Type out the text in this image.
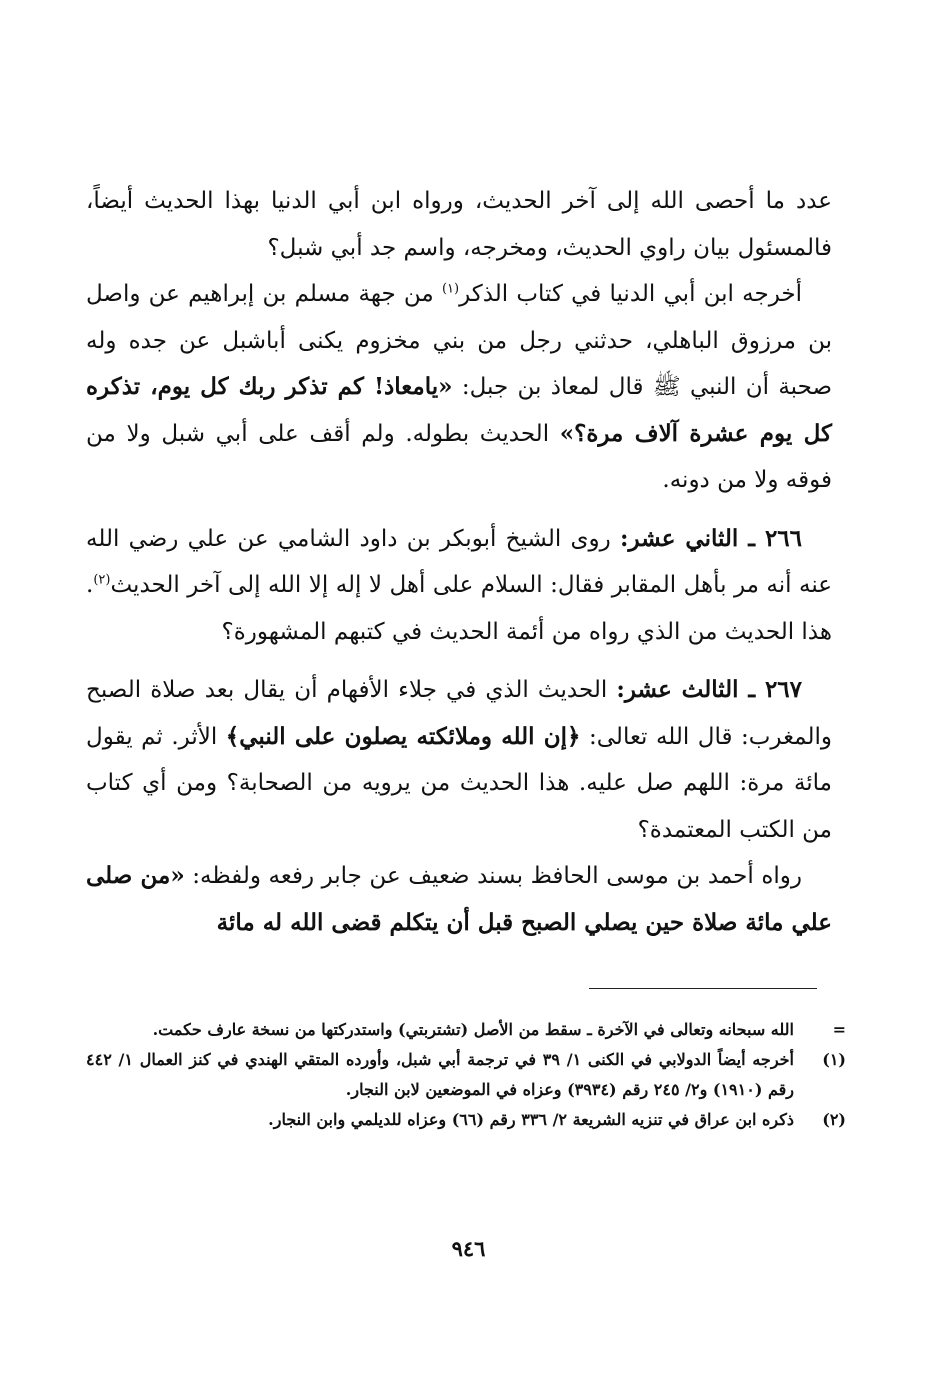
عدد ما أحصى الله إلى آخر الحديث، ورواه ابن أبي الدنيا بهذا الحديث أيضاً، فالمسئول بيان راوي الحديث، ومخرجه، واسم جد أبي شبل؟

أخرجه ابن أبي الدنيا في كتاب الذكر$^{(١)}$ من جهة مسلم بن إبراهيم عن واصل بن مرزوق الباهلي، حدثني رجل من بني مخزوم يكنى أباشبل عن جده وله صحبة أن النبي ﷺ قال لمعاذ بن جبل: «يامعاذ! كم تذكر ربك كل يوم، تذكره كل يوم عشرة آلاف مرة؟» الحديث بطوله. ولم أقف على أبي شبل ولا من فوقه ولا من دونه.

٢٦٦ ـ الثاني عشر: روى الشيخ أبوبكر بن داود الشامي عن علي رضي الله عنه أنه مر بأهل المقابر فقال: السلام على أهل لا إله إلا الله إلى آخر الحديث$^{(٢)}$. هذا الحديث من الذي رواه من أئمة الحديث في كتبهم المشهورة؟

٢٦٧ ـ الثالث عشر: الحديث الذي في جلاء الأفهام أن يقال بعد صلاة الصبح والمغرب: قال الله تعالى: ﴿إن الله وملائكته يصلون على النبي﴾ الأثر. ثم يقول مائة مرة: اللهم صل عليه. هذا الحديث من يرويه من الصحابة؟ ومن أي كتاب من الكتب المعتمدة؟

رواه أحمد بن موسى الحافظ بسند ضعيف عن جابر رفعه ولفظه: «من صلى علي مائة صلاة حين يصلي الصبح قبل أن يتكلم قضى الله له مائة

=
الله سبحانه وتعالى في الآخرة ـ سقط من الأصل (تشتربتي) واستدركتها من نسخة عارف حكمت.
(١)
أخرجه أيضاً الدولابي في الكنى ١/ ٣٩ في ترجمة أبي شبل، وأورده المتقي الهندي في كنز العمال ١/ ٤٤٢ رقم (١٩١٠) و٢/ ٢٤٥ رقم (٣٩٣٤) وعزاه في الموضعين لابن النجار.
(٢)
ذكره ابن عراق في تنزيه الشريعة ٢/ ٣٣٦ رقم (٦٦) وعزاه للديلمي وابن النجار.
٩٤٦
